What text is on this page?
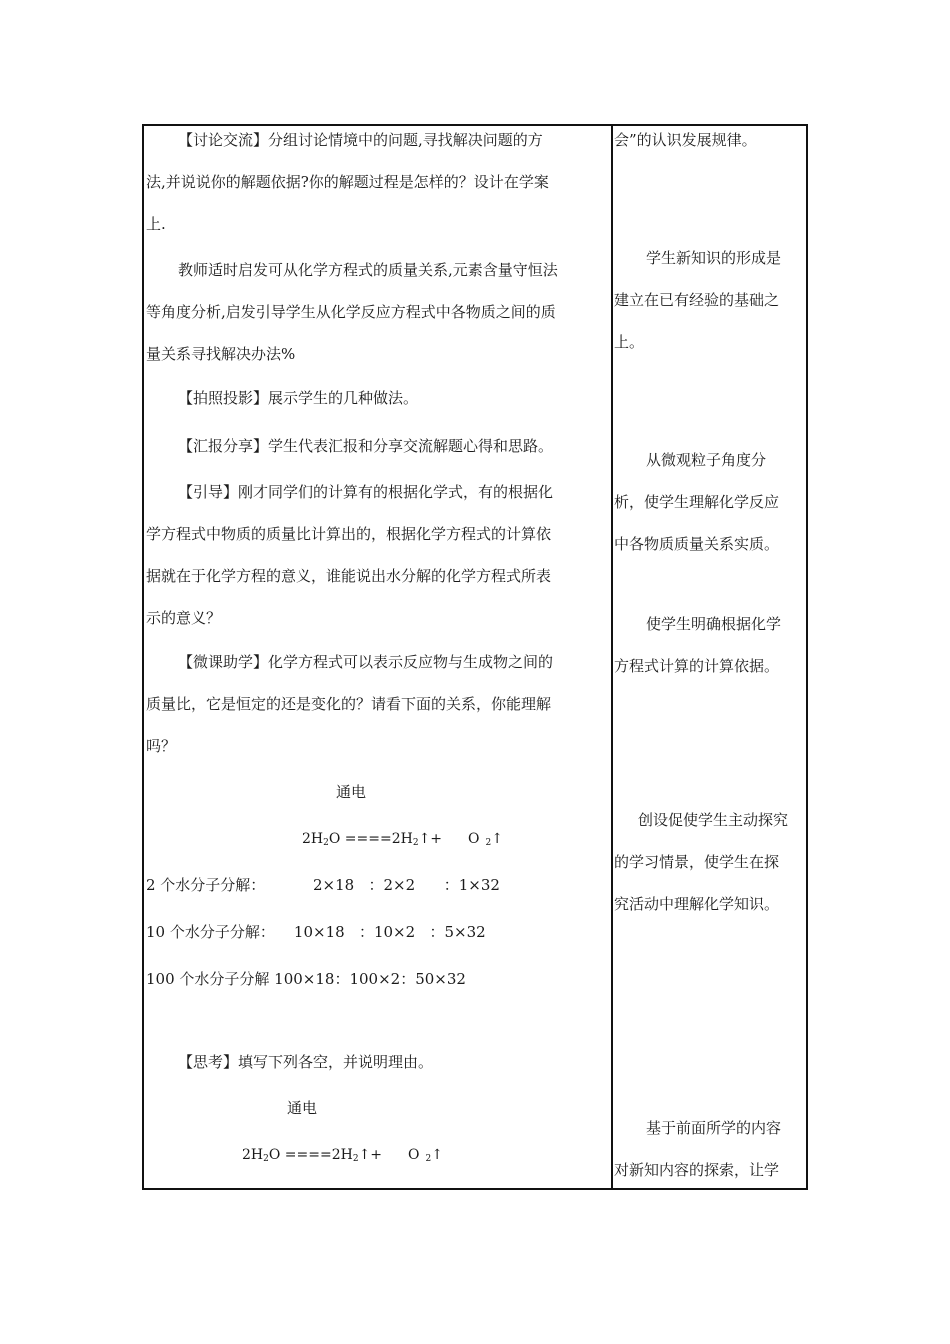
【讨论交流】分组讨论情境中的问题,寻找解决问题的方
法,并说说你的解题依据?你的解题过程是怎样的？设计在学案
上.
教师适时启发可从化学方程式的质量关系,元素含量守恒法
等角度分析,启发引导学生从化学反应方程式中各物质之间的质
量关系寻找解决办法%
【拍照投影】展示学生的几种做法。
【汇报分享】学生代表汇报和分享交流解题心得和思路。
【引导】刚才同学们的计算有的根据化学式，有的根据化
学方程式中物质的质量比计算出的，根据化学方程式的计算依
据就在于化学方程的意义，谁能说出水分解的化学方程式所表
示的意义？
【微课助学】化学方程式可以表示反应物与生成物之间的
质量比，它是恒定的还是变化的？请看下面的关系，你能理解
吗？
通电
$2H_2O$ $====2H_2↑+ O$ $_2$↑
2 个水分子分解：          2×18   ：2×2      ：1×32
10 个水分子分解：    10×18   ：10×2   ：5×32
100 个水分子分解 100×18：100×2：50×32
【思考】填写下列各空，并说明理由。
通电
$2H_2O$ $====2H_2↑+ O$ $_2$↑
会”的认识发展规律。
学生新知识的形成是
建立在已有经验的基础之
上。
从微观粒子角度分
析，使学生理解化学反应
中各物质质量关系实质。
使学生明确根据化学
方程式计算的计算依据。
创设促使学生主动探究
的学习情景，使学生在探
究活动中理解化学知识。
基于前面所学的内容
对新知内容的探索，让学
